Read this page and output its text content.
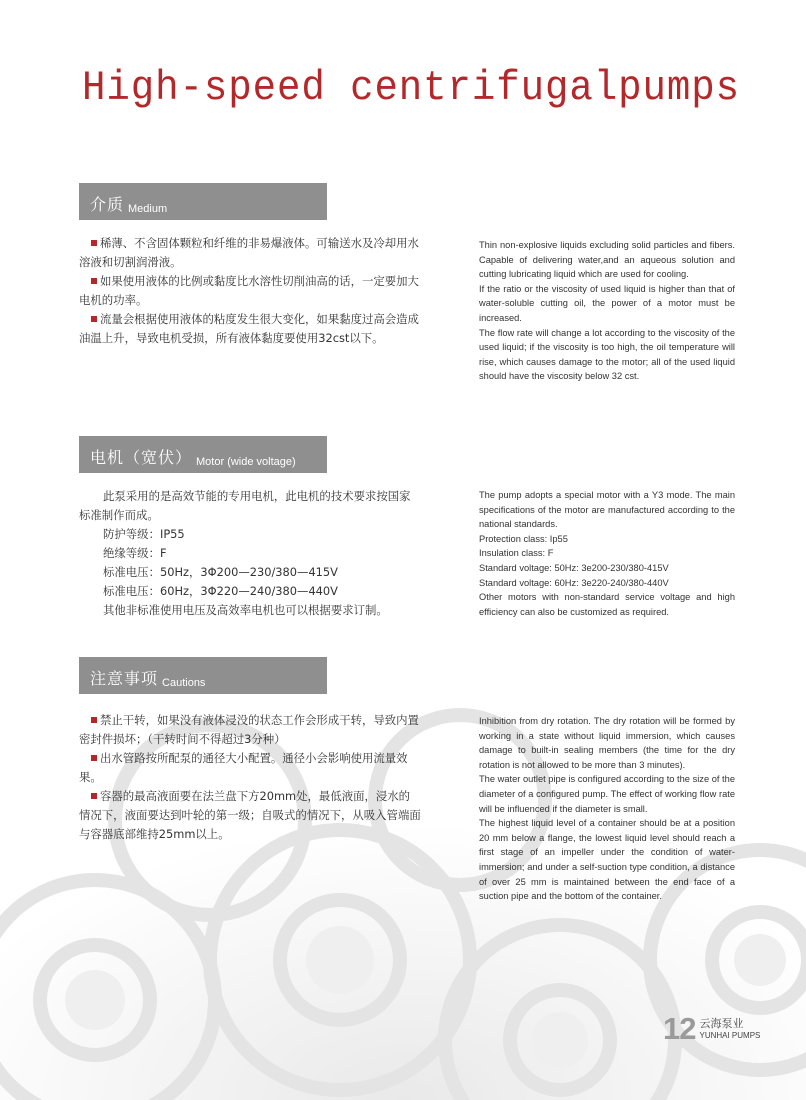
High-speed centrifugalpumps
介质 Medium

稀薄、不含固体颗粒和纤维的非易爆液体。可输送水及冷却用水溶液和切割润滑液。

如果使用液体的比例或黏度比水溶性切削油高的话，一定要加大电机的功率。

流量会根据使用液体的粘度发生很大变化，如果黏度过高会造成油温上升，导致电机受损，所有液体黏度要使用32cst以下。

Thin non-explosive liquids excluding solid particles and fibers. Capable of delivering water,and an aqueous solution and cutting lubricating liquid which are used for cooling.

If the ratio or the viscosity of used liquid is higher than that of water-soluble cutting oil, the power of a motor must be increased.

The flow rate will change a lot according to the viscosity of the used liquid; if the viscosity is too high, the oil temperature will rise, which causes damage to the motor; all of the used liquid should have the viscosity below 32 cst.

电机（宽伏） Motor (wide voltage)

此泵采用的是高效节能的专用电机，此电机的技术要求按国家标准制作而成。

防护等级：IP55

绝缘等级：F

标准电压：50Hz，3Φ200—230/380—415V

标准电压：60Hz，3Φ220—240/380—440V

其他非标准使用电压及高效率电机也可以根据要求订制。

The pump adopts a special motor with a Y3 mode. The main specifications of the motor are manufactured according to the national standards.

Protection class: Ip55

Insulation class: F

Standard voltage: 50Hz: 3e200-230/380-415V

Standard voltage: 60Hz: 3e220-240/380-440V

Other motors with non-standard service voltage and high efficiency can also be customized as required.

注意事项 Cautions

禁止干转，如果没有液体浸没的状态工作会形成干转，导致内置密封件损坏；（干转时间不得超过3分种）

出水管路按所配泵的通径大小配置。通径小会影响使用流量效果。

容器的最高液面要在法兰盘下方20mm处，最低液面，浸水的情况下，液面要达到叶轮的第一级；自吸式的情况下，从吸入管端面与容器底部维持25mm以上。

Inhibition from dry rotation. The dry rotation will be formed by working in a state without liquid immersion, which causes damage to built-in sealing members (the time for the dry rotation is not allowed to be more than 3 minutes).

The water outlet pipe is configured according to the size of the diameter of a configured pump. The effect of working flow rate will be influenced if the diameter is small.

The highest liquid level of a container should be at a position 20 mm below a flange, the lowest liquid level should reach a first stage of an impeller under the condition of water-immersion; and under a self-suction type condition, a distance of over 25 mm is maintained between the end face of a suction pipe and the bottom of the container.

12 云海泵业
YUNHAI PUMPS
